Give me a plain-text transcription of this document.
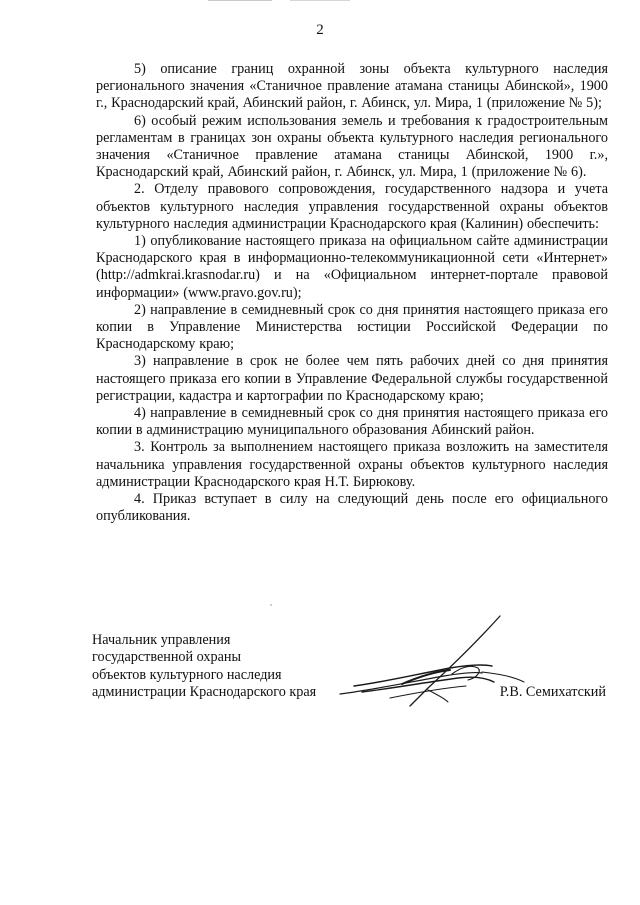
2

5) описание границ охранной зоны объекта культурного наследия регионального значения «Станичное правление атамана станицы Абинской», 1900 г., Краснодарский край, Абинский район, г. Абинск, ул. Мира, 1 (приложение № 5);

6) особый режим использования земель и требования к градостроительным регламентам в границах зон охраны объекта культурного наследия регионального значения «Станичное правление атамана станицы Абинской, 1900 г.», Краснодарский край, Абинский район, г. Абинск, ул. Мира, 1 (приложение № 6).

2. Отделу правового сопровождения, государственного надзора и учета объектов культурного наследия управления государственной охраны объектов культурного наследия администрации Краснодарского края (Калинин) обеспечить:

1) опубликование настоящего приказа на официальном сайте администрации Краснодарского края в информационно-телекоммуникационной сети «Интернет» (http://admkrai.krasnodar.ru) и на «Официальном интернет-портале правовой информации» (www.pravo.gov.ru);

2) направление в семидневный срок со дня принятия настоящего приказа его копии в Управление Министерства юстиции Российской Федерации по Краснодарскому краю;

3) направление в срок не более чем пять рабочих дней со дня принятия настоящего приказа его копии в Управление Федеральной службы государственной регистрации, кадастра и картографии по Краснодарскому краю;

4) направление в семидневный срок со дня принятия настоящего приказа его копии в администрацию муниципального образования Абинский район.

3. Контроль за выполнением настоящего приказа возложить на заместителя начальника управления государственной охраны объектов культурного наследия администрации Краснодарского края Н.Т. Бирюкову.

4. Приказ вступает в силу на следующий день после его официального опубликования.

Начальник управления
государственной охраны
объектов культурного наследия
администрации Краснодарского края	Р.В. Семихатский
